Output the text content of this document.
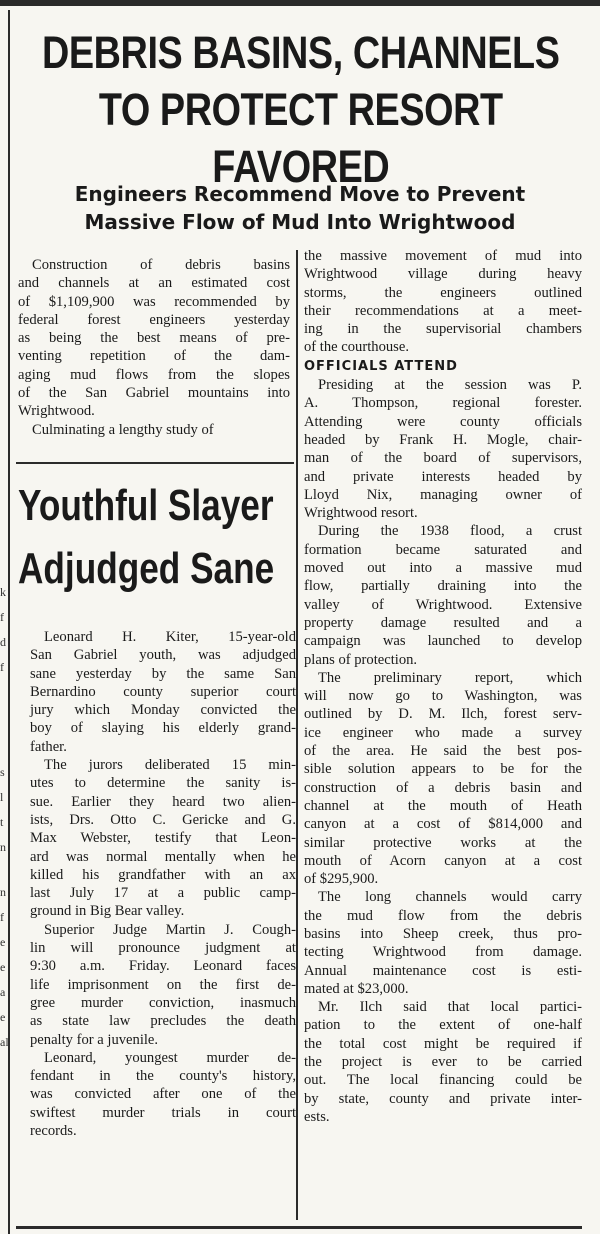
k
f
d
f
s
l
t
n
n
f
e
e
a
e
al
DEBRIS BASINS, CHANNELS
TO PROTECT RESORT FAVORED
Engineers Recommend Move to Prevent
Massive Flow of Mud Into Wrightwood
Construction of debris basins
and channels at an estimated cost
of $1,109,900 was recommended by
federal forest engineers yesterday
as being the best means of pre-
venting repetition of the dam-
aging mud flows from the slopes
of the San Gabriel mountains into
Wrightwood.
Culminating a lengthy study of
the massive movement of mud into
Wrightwood village during heavy
storms, the engineers outlined
their recommendations at a meet-
ing in the supervisorial chambers
of the courthouse.
OFFICIALS ATTEND
Presiding at the session was P.
A. Thompson, regional forester.
Attending were county officials
headed by Frank H. Mogle, chair-
man of the board of supervisors,
and private interests headed by
Lloyd Nix, managing owner of
Wrightwood resort.
During the 1938 flood, a crust
formation became saturated and
moved out into a massive mud
flow, partially draining into the
valley of Wrightwood. Extensive
property damage resulted and a
campaign was launched to develop
plans of protection.
The preliminary report, which
will now go to Washington, was
outlined by D. M. Ilch, forest serv-
ice engineer who made a survey
of the area. He said the best pos-
sible solution appears to be for the
construction of a debris basin and
channel at the mouth of Heath
canyon at a cost of $814,000 and
similar protective works at the
mouth of Acorn canyon at a cost
of $295,900.
The long channels would carry
the mud flow from the debris
basins into Sheep creek, thus pro-
tecting Wrightwood from damage.
Annual maintenance cost is esti-
mated at $23,000.
Mr. Ilch said that local partici-
pation to the extent of one-half
the total cost might be required if
the project is ever to be carried
out. The local financing could be
by state, county and private inter-
ests.
Youthful Slayer
Adjudged Sane
Leonard H. Kiter, 15-year-old
San Gabriel youth, was adjudged
sane yesterday by the same San
Bernardino county superior court
jury which Monday convicted the
boy of slaying his elderly grand-
father.
The jurors deliberated 15 min-
utes to determine the sanity is-
sue. Earlier they heard two alien-
ists, Drs. Otto C. Gericke and G.
Max Webster, testify that Leon-
ard was normal mentally when he
killed his grandfather with an ax
last July 17 at a public camp-
ground in Big Bear valley.
Superior Judge Martin J. Cough-
lin will pronounce judgment at
9:30 a.m. Friday. Leonard faces
life imprisonment on the first de-
gree murder conviction, inasmuch
as state law precludes the death
penalty for a juvenile.
Leonard, youngest murder de-
fendant in the county's history,
was convicted after one of the
swiftest murder trials in court
records.
